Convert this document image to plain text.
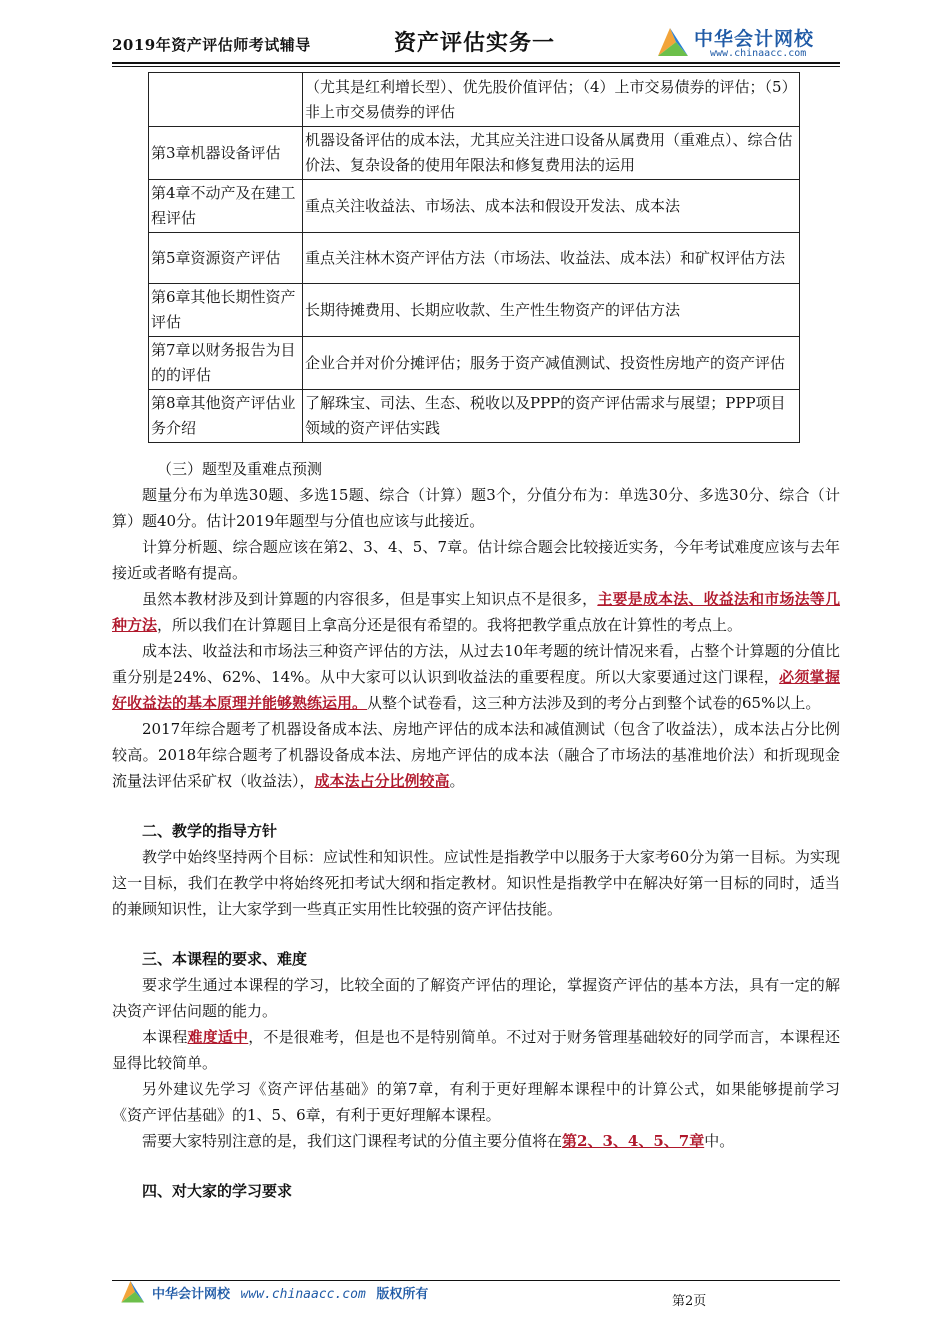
2019年资产评估师考试辅导	资产评估实务一	中华会计网校
www.chinaacc.com
	（尤其是红利增长型）、优先股价值评估；（4）上市交易债券的评估；（5）非上市交易债券的评估
第3章机器设备评估	机器设备评估的成本法，尤其应关注进口设备从属费用（重难点）、综合估价法、复杂设备的使用年限法和修复费用法的运用
第4章不动产及在建工程评估	重点关注收益法、市场法、成本法和假设开发法、成本法
第5章资源资产评估	重点关注林木资产评估方法（市场法、收益法、成本法）和矿权评估方法
第6章其他长期性资产评估	长期待摊费用、长期应收款、生产性生物资产的评估方法
第7章以财务报告为目的的评估	企业合并对价分摊评估；服务于资产减值测试、投资性房地产的资产评估
第8章其他资产评估业务介绍	了解珠宝、司法、生态、税收以及PPP的资产评估需求与展望；PPP项目领域的资产评估实践

（三）题型及重难点预测

题量分布为单选30题、多选15题、综合（计算）题3个，分值分布为：单选30分、多选30分、综合（计算）题40分。估计2019年题型与分值也应该与此接近。

计算分析题、综合题应该在第2、3、4、5、7章。估计综合题会比较接近实务，今年考试难度应该与去年接近或者略有提高。

虽然本教材涉及到计算题的内容很多，但是事实上知识点不是很多，主要是成本法、收益法和市场法等几种方法，所以我们在计算题目上拿高分还是很有希望的。我将把教学重点放在计算性的考点上。

成本法、收益法和市场法三种资产评估的方法，从过去10年考题的统计情况来看，占整个计算题的分值比重分别是24%、62%、14%。从中大家可以认识到收益法的重要程度。所以大家要通过这门课程，必须掌握好收益法的基本原理并能够熟练运用。从整个试卷看，这三种方法涉及到的考分占到整个试卷的65%以上。

2017年综合题考了机器设备成本法、房地产评估的成本法和减值测试（包含了收益法），成本法占分比例较高。2018年综合题考了机器设备成本法、房地产评估的成本法（融合了市场法的基准地价法）和折现现金流量法评估采矿权（收益法），成本法占分比例较高。

二、教学的指导方针

教学中始终坚持两个目标：应试性和知识性。应试性是指教学中以服务于大家考60分为第一目标。为实现这一目标，我们在教学中将始终死扣考试大纲和指定教材。知识性是指教学中在解决好第一目标的同时，适当的兼顾知识性，让大家学到一些真正实用性比较强的资产评估技能。

三、本课程的要求、难度

要求学生通过本课程的学习，比较全面的了解资产评估的理论，掌握资产评估的基本方法，具有一定的解决资产评估问题的能力。

本课程难度适中，不是很难考，但是也不是特别简单。不过对于财务管理基础较好的同学而言，本课程还显得比较简单。

另外建议先学习《资产评估基础》的第7章，有利于更好理解本课程中的计算公式，如果能够提前学习《资产评估基础》的1、5、6章，有利于更好理解本课程。

需要大家特别注意的是，我们这门课程考试的分值主要分值将在第2、3、4、5、7章中。

四、对大家的学习要求
中华会计网校 www.chinaacc.com 版权所有	第2页
